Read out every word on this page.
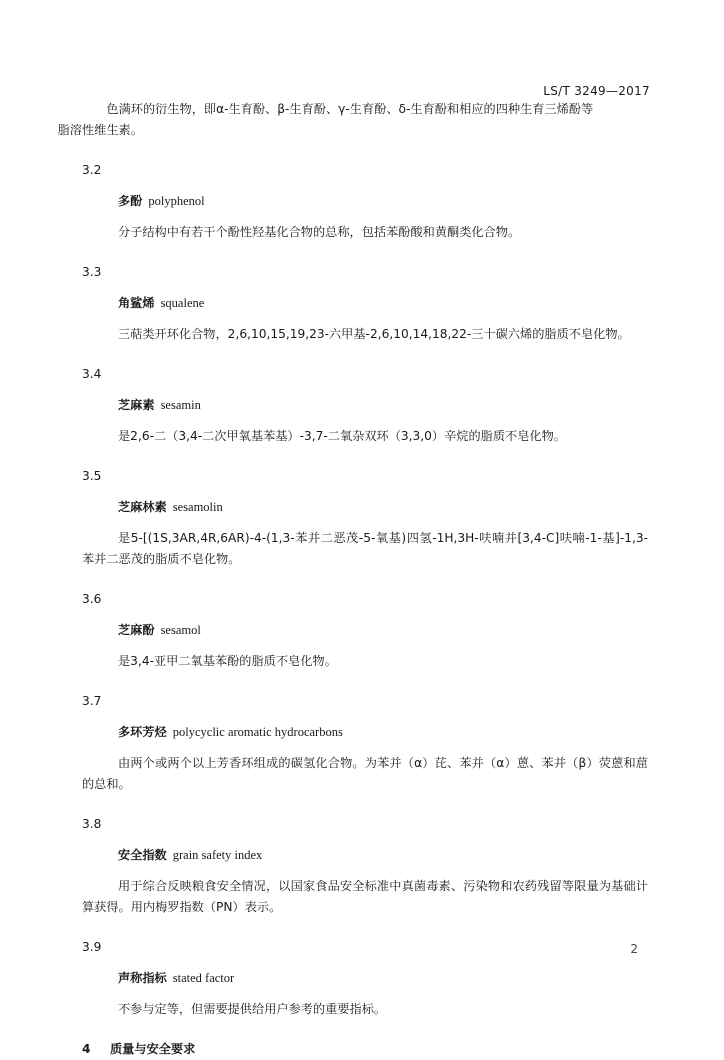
LS/T 3249—2017

色满环的衍生物，即α-生育酚、β-生育酚、γ-生育酚、δ-生育酚和相应的四种生育三烯酚等
脂溶性维生素。

3.2
多酚 polyphenol

分子结构中有若干个酚性羟基化合物的总称，包括苯酚酸和黄酮类化合物。

3.3
角鲨烯 squalene

三萜类开环化合物，2,6,10,15,19,23-六甲基-2,6,10,14,18,22-三十碳六烯的脂质不皂化物。

3.4
芝麻素 sesamin

是2,6-二（3,4-二次甲氧基苯基）-3,7-二氧杂双环（3,3,0）辛烷的脂质不皂化物。

3.5
芝麻林素 sesamolin

是5-[(1S,3AR,4R,6AR)-4-(1,3-苯并二恶茂-5-氧基)四氢-1H,3H-呋喃并[3,4-C]呋喃-1-基]-1,3-苯并二恶茂的脂质不皂化物。

3.6
芝麻酚 sesamol

是3,4-亚甲二氧基苯酚的脂质不皂化物。

3.7
多环芳烃 polycyclic aromatic hydrocarbons

由两个或两个以上芳香环组成的碳氢化合物。为苯并（α）芘、苯并（α）蒽、苯并（β）荧蒽和䓛的总和。

3.8
安全指数 grain safety index

用于综合反映粮食安全情况，以国家食品安全标准中真菌毒素、污染物和农药残留等限量为基础计算获得。用内梅罗指数（PN）表示。

3.9
声称指标 stated factor

不参与定等，但需要提供给用户参考的重要指标。

4 质量与安全要求
2
